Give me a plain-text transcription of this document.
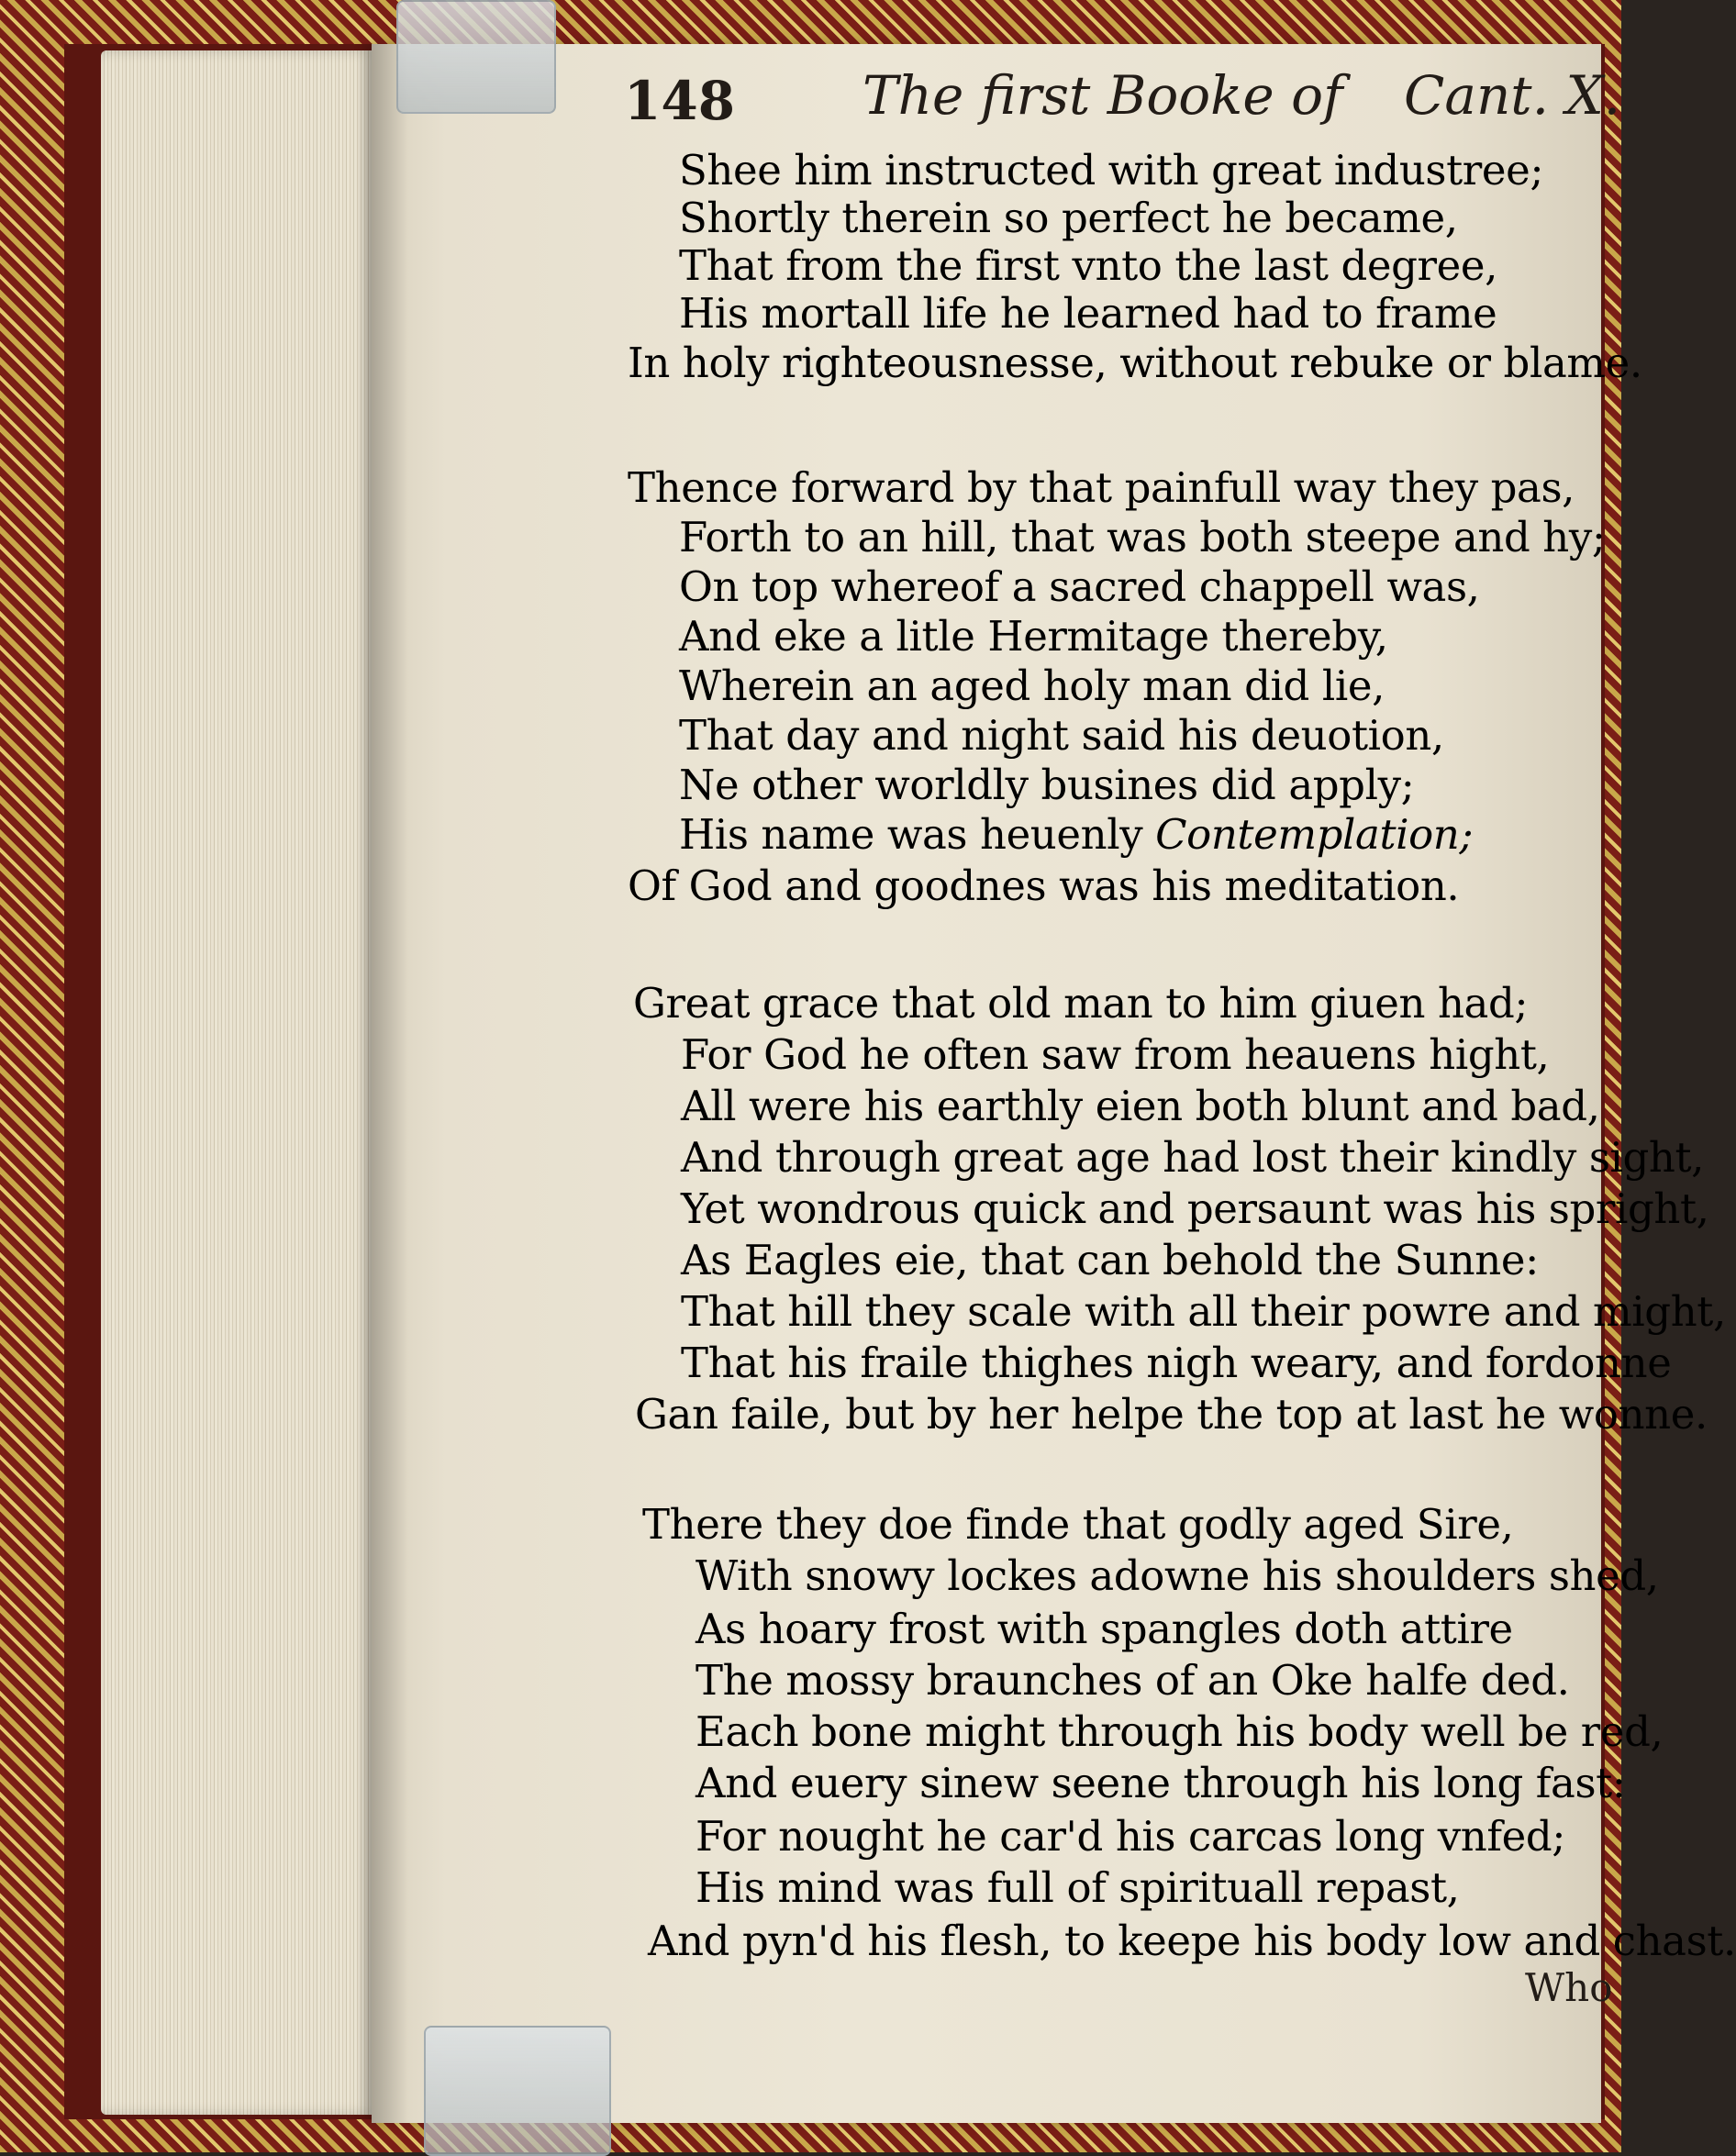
148 The first Booke of Cant. X.
Shee him instructed with great industree;
Shortly therein so perfect he became,
That from the first vnto the last degree,
His mortall life he learned had to frame
In holy righteousnesse, without rebuke or blame.
Thence forward by that painfull way they pas,
Forth to an hill, that was both steepe and hy;
On top whereof a sacred chappell was,
And eke a litle Hermitage thereby,
Wherein an aged holy man did lie,
That day and night said his deuotion,
Ne other worldly busines did apply;
His name was heuenly Contemplation;
Of God and goodnes was his meditation.
Great grace that old man to him giuen had;
For God he often saw from heauens hight,
All were his earthly eien both blunt and bad,
And through great age had lost their kindly sight,
Yet wondrous quick and persaunt was his spright,
As Eagles eie, that can behold the Sunne:
That hill they scale with all their powre and might,
That his fraile thighes nigh weary, and fordonne
Gan faile, but by her helpe the top at last he wonne.
There they doe finde that godly aged Sire,
With snowy lockes adowne his shoulders shed,
As hoary frost with spangles doth attire
The mossy braunches of an Oke halfe ded.
Each bone might through his body well be red,
And euery sinew seene through his long fast:
For nought he car'd his carcas long vnfed;
His mind was full of spirituall repast,
And pyn'd his flesh, to keepe his body low and chast.
Who
